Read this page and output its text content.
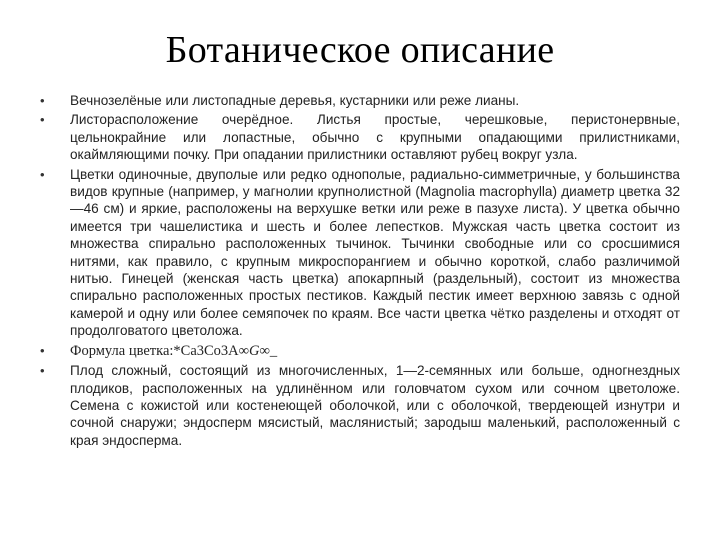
Ботаническое описание
•	Вечнозелёные или листопадные деревья, кустарники или реже лианы.
•	Листорасположение очерёдное. Листья простые, черешковые, перистонервные, цельнокрайние или лопастные, обычно с крупными опадающими прилистниками, окаймляющими почку. При опадании прилистники оставляют рубец вокруг узла.
•	Цветки одиночные, двуполые или редко однополые, радиально-симметричные, у большинства видов крупные (например, у магнолии крупнолистной (Magnolia macrophylla) диаметр цветка 32—46 см) и яркие, расположены на верхушке ветки или реже в пазухе листа). У цветка обычно имеется три чашелистика и шесть и более лепестков. Мужская часть цветка состоит из множества спирально расположенных тычинок. Тычинки свободные или со сросшимися нитями, как правило, с крупным микроспорангием и обычно короткой, слабо различимой нитью. Гинецей (женская часть цветка) апокарпный (раздельный), состоит из множества спирально расположенных простых пестиков. Каждый пестик имеет верхнюю завязь с одной камерой и одну или более семяпочек по краям. Все части цветка чётко разделены и отходят от продолговатого цветоложа.
•	Формула цветка:*Ca3Co3A∞G∞_
•	Плод сложный, состоящий из многочисленных, 1—2-семянных или больше, одногнездных плодиков, расположенных на удлинённом или головчатом сухом или сочном цветоложе. Семена с кожистой или костенеющей оболочкой, или с оболочкой, твердеющей изнутри и сочной снаружи; эндосперм мясистый, маслянистый; зародыш маленький, расположенный с края эндосперма.
